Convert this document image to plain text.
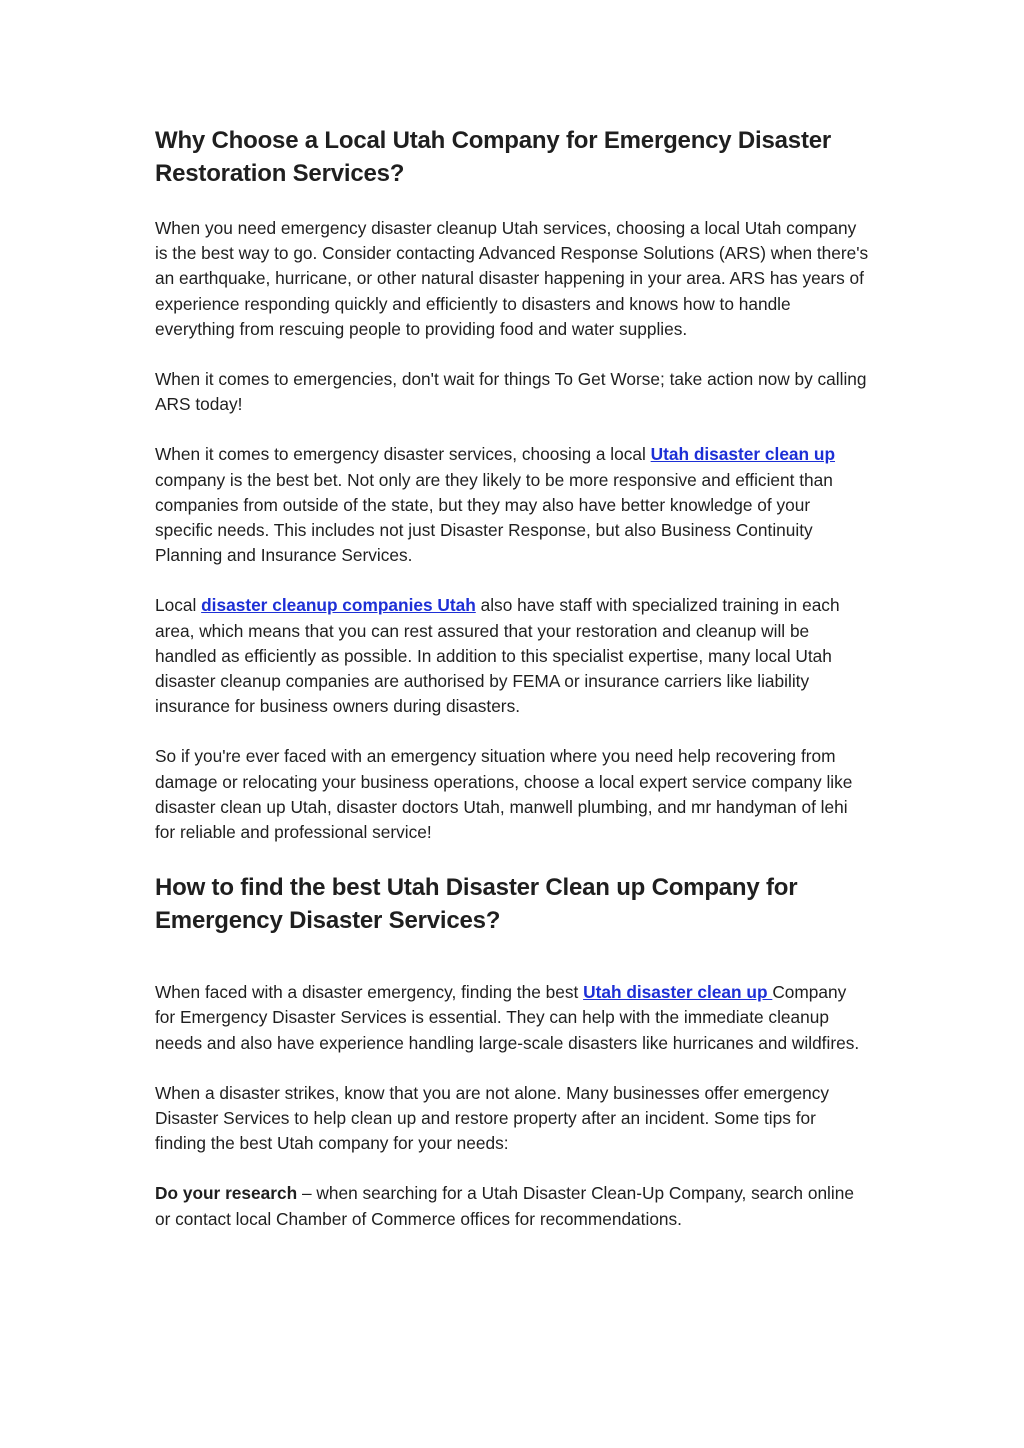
Why Choose a Local Utah Company for Emergency Disaster Restoration Services?

When you need emergency disaster cleanup Utah services, choosing a local Utah company is the best way to go. Consider contacting Advanced Response Solutions (ARS) when there's an earthquake, hurricane, or other natural disaster happening in your area. ARS has years of experience responding quickly and efficiently to disasters and knows how to handle everything from rescuing people to providing food and water supplies.

When it comes to emergencies, don't wait for things To Get Worse; take action now by calling ARS today!

When it comes to emergency disaster services, choosing a local Utah disaster clean up company is the best bet. Not only are they likely to be more responsive and efficient than companies from outside of the state, but they may also have better knowledge of your specific needs. This includes not just Disaster Response, but also Business Continuity Planning and Insurance Services.

Local disaster cleanup companies Utah also have staff with specialized training in each area, which means that you can rest assured that your restoration and cleanup will be handled as efficiently as possible. In addition to this specialist expertise, many local Utah disaster cleanup companies are authorised by FEMA or insurance carriers like liability insurance for business owners during disasters.

So if you're ever faced with an emergency situation where you need help recovering from damage or relocating your business operations, choose a local expert service company like disaster clean up Utah, disaster doctors Utah, manwell plumbing, and mr handyman of lehi for reliable and professional service!

How to find the best Utah Disaster Clean up Company for Emergency Disaster Services?

When faced with a disaster emergency, finding the best Utah disaster clean up Company for Emergency Disaster Services is essential. They can help with the immediate cleanup needs and also have experience handling large-scale disasters like hurricanes and wildfires.

When a disaster strikes, know that you are not alone. Many businesses offer emergency Disaster Services to help clean up and restore property after an incident. Some tips for finding the best Utah company for your needs:

Do your research – when searching for a Utah Disaster Clean-Up Company, search online or contact local Chamber of Commerce offices for recommendations.
